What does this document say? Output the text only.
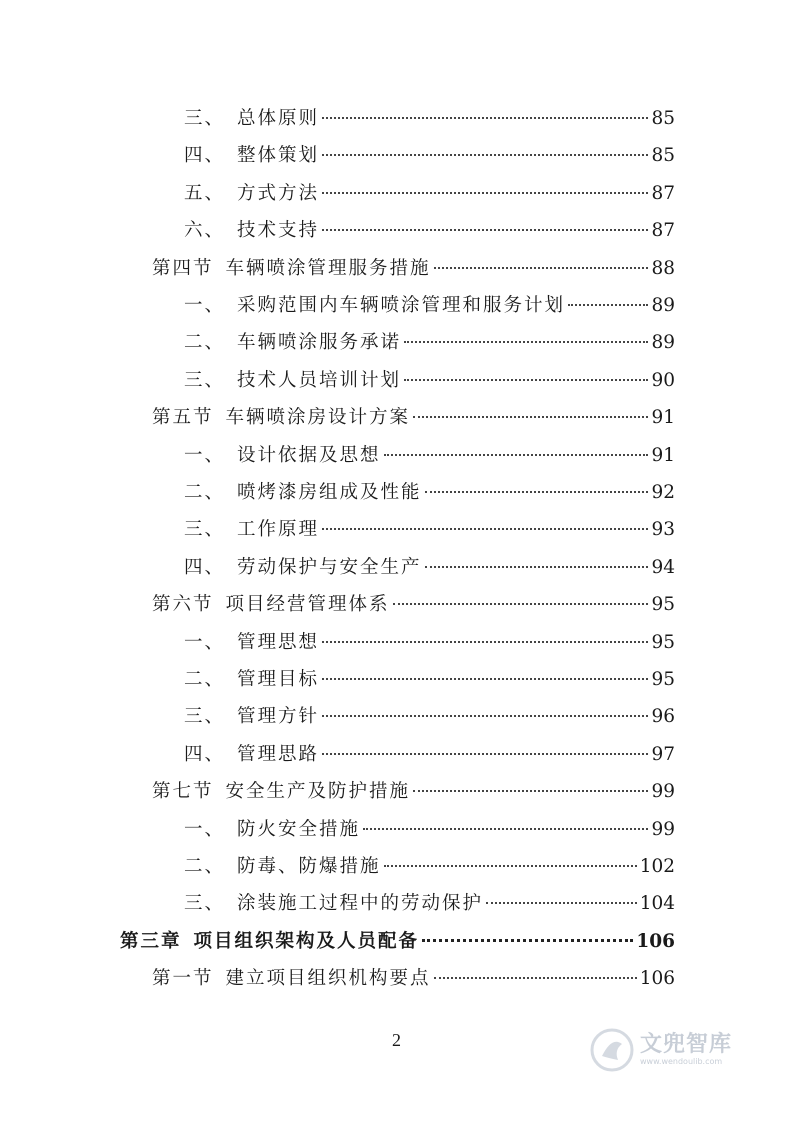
三、 总体原则	85
四、 整体策划	85
五、 方式方法	87
六、 技术支持	87
第四节 车辆喷涂管理服务措施	88
一、 采购范围内车辆喷涂管理和服务计划	89
二、 车辆喷涂服务承诺	89
三、 技术人员培训计划	90
第五节 车辆喷涂房设计方案	91
一、 设计依据及思想	91
二、 喷烤漆房组成及性能	92
三、 工作原理	93
四、 劳动保护与安全生产	94
第六节 项目经营管理体系	95
一、 管理思想	95
二、 管理目标	95
三、 管理方针	96
四、 管理思路	97
第七节 安全生产及防护措施	99
一、 防火安全措施	99
二、 防毒、防爆措施	102
三、 涂装施工过程中的劳动保护	104
第三章 项目组织架构及人员配备	106
第一节 建立项目组织机构要点	106
2	文兜智库
www.wendoulib.com
